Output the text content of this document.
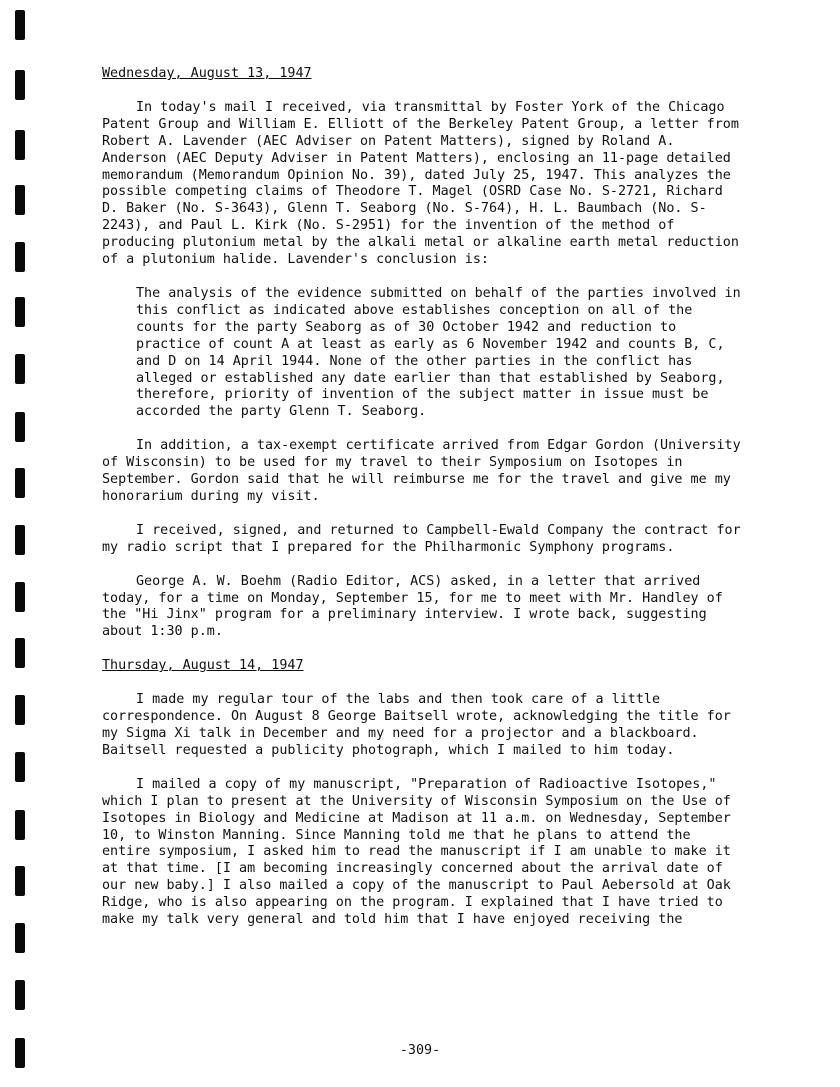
Wednesday, August 13, 1947

In today's mail I received, via transmittal by Foster York of the Chicago Patent Group and William E. Elliott of the Berkeley Patent Group, a letter from Robert A. Lavender (AEC Adviser on Patent Matters), signed by Roland A. Anderson (AEC Deputy Adviser in Patent Matters), enclosing an 11-page detailed memorandum (Memorandum Opinion No. 39), dated July 25, 1947. This analyzes the possible competing claims of Theodore T. Magel (OSRD Case No. S-2721, Richard D. Baker (No. S-3643), Glenn T. Seaborg (No. S-764), H. L. Baumbach (No. S-2243), and Paul L. Kirk (No. S-2951) for the invention of the method of producing plutonium metal by the alkali metal or alkaline earth metal reduction of a plutonium halide. Lavender's conclusion is:

The analysis of the evidence submitted on behalf of the parties involved in this conflict as indicated above establishes conception on all of the counts for the party Seaborg as of 30 October 1942 and reduction to practice of count A at least as early as 6 November 1942 and counts B, C, and D on 14 April 1944. None of the other parties in the conflict has alleged or established any date earlier than that established by Seaborg, therefore, priority of invention of the subject matter in issue must be accorded the party Glenn T. Seaborg.

In addition, a tax-exempt certificate arrived from Edgar Gordon (University of Wisconsin) to be used for my travel to their Symposium on Isotopes in September. Gordon said that he will reimburse me for the travel and give me my honorarium during my visit.

I received, signed, and returned to Campbell-Ewald Company the contract for my radio script that I prepared for the Philharmonic Symphony programs.

George A. W. Boehm (Radio Editor, ACS) asked, in a letter that arrived today, for a time on Monday, September 15, for me to meet with Mr. Handley of the "Hi Jinx" program for a preliminary interview. I wrote back, suggesting about 1:30 p.m.

Thursday, August 14, 1947

I made my regular tour of the labs and then took care of a little correspondence. On August 8 George Baitsell wrote, acknowledging the title for my Sigma Xi talk in December and my need for a projector and a blackboard. Baitsell requested a publicity photograph, which I mailed to him today.

I mailed a copy of my manuscript, "Preparation of Radioactive Isotopes," which I plan to present at the University of Wisconsin Symposium on the Use of Isotopes in Biology and Medicine at Madison at 11 a.m. on Wednesday, September 10, to Winston Manning. Since Manning told me that he plans to attend the entire symposium, I asked him to read the manuscript if I am unable to make it at that time. [I am becoming increasingly concerned about the arrival date of our new baby.] I also mailed a copy of the manuscript to Paul Aebersold at Oak Ridge, who is also appearing on the program. I explained that I have tried to make my talk very general and told him that I have enjoyed receiving the

-309-
